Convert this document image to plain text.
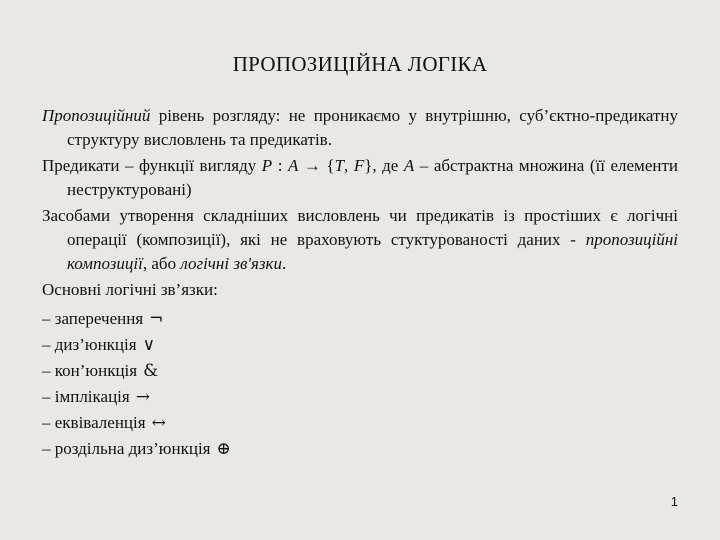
ПРОПОЗИЦІЙНА ЛОГІКА

Пропозиційний рівень розгляду: не проникаємо у внутрішню, суб’єктно-предикатну структуру висловлень та предикатів.

Предикати – функції вигляду P : A → {T, F}, де A – абстрактна множина (її елементи неструктуровані)

Засобами утворення складніших висловлень чи предикатів із простіших є логічні операції (композиції), які не враховують стуктурованості даних - пропозиційні композиції, або логічні зв'язки.

Основні логічні зв’язки:

– заперечення ¬
– диз’юнкція ∨
– кон’юнкція &
– імплікація →
– еквіваленція ↔
– роздільна диз’юнкція ⊕
1
